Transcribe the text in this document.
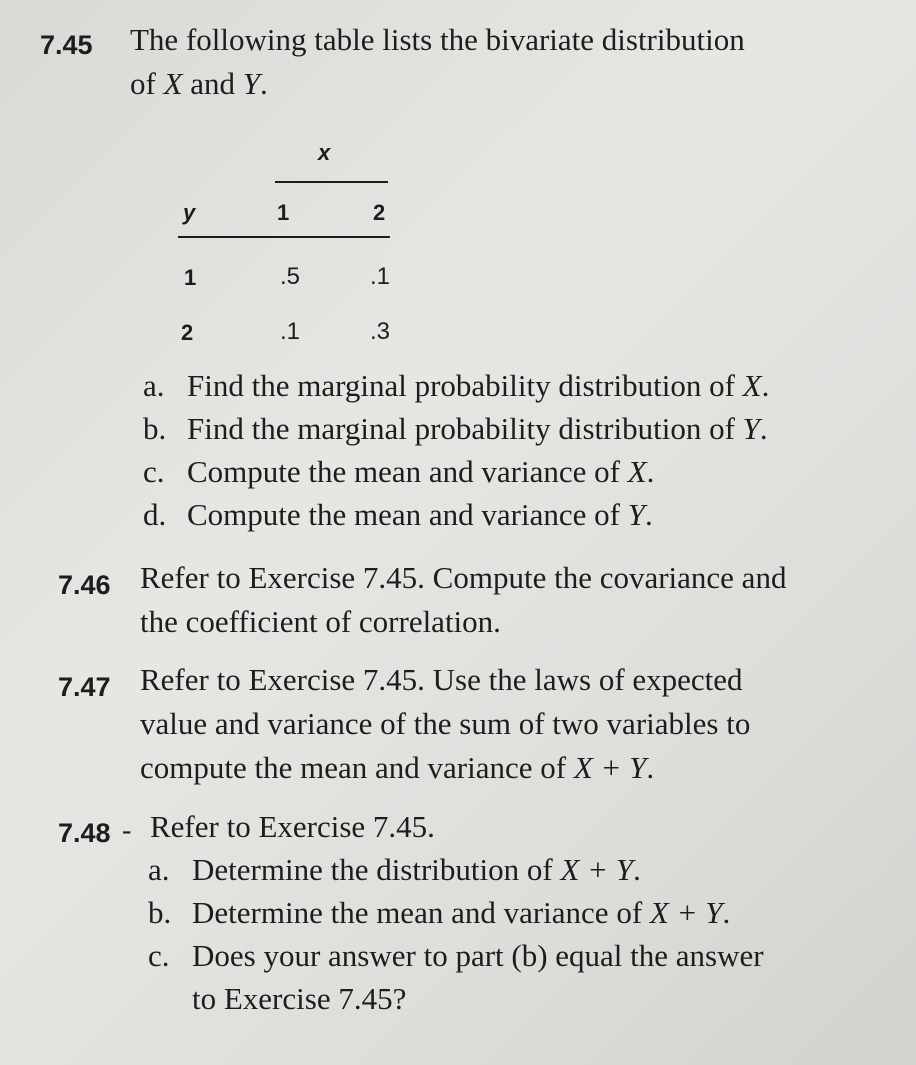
7.45 The following table lists the bivariate distribution
of X and Y.
x
y	1	2
1	.5	.1
2	.1	.3
a. Find the marginal probability distribution of X.
b. Find the marginal probability distribution of Y.
c. Compute the mean and variance of X.
d. Compute the mean and variance of Y.
7.46 Refer to Exercise 7.45. Compute the covariance and
the coefficient of correlation.
7.47 Refer to Exercise 7.45. Use the laws of expected
value and variance of the sum of two variables to
compute the mean and variance of X + Y.
7.48 - Refer to Exercise 7.45.
a. Determine the distribution of X + Y.
b. Determine the mean and variance of X + Y.
c. Does your answer to part (b) equal the answer
to Exercise 7.45?
